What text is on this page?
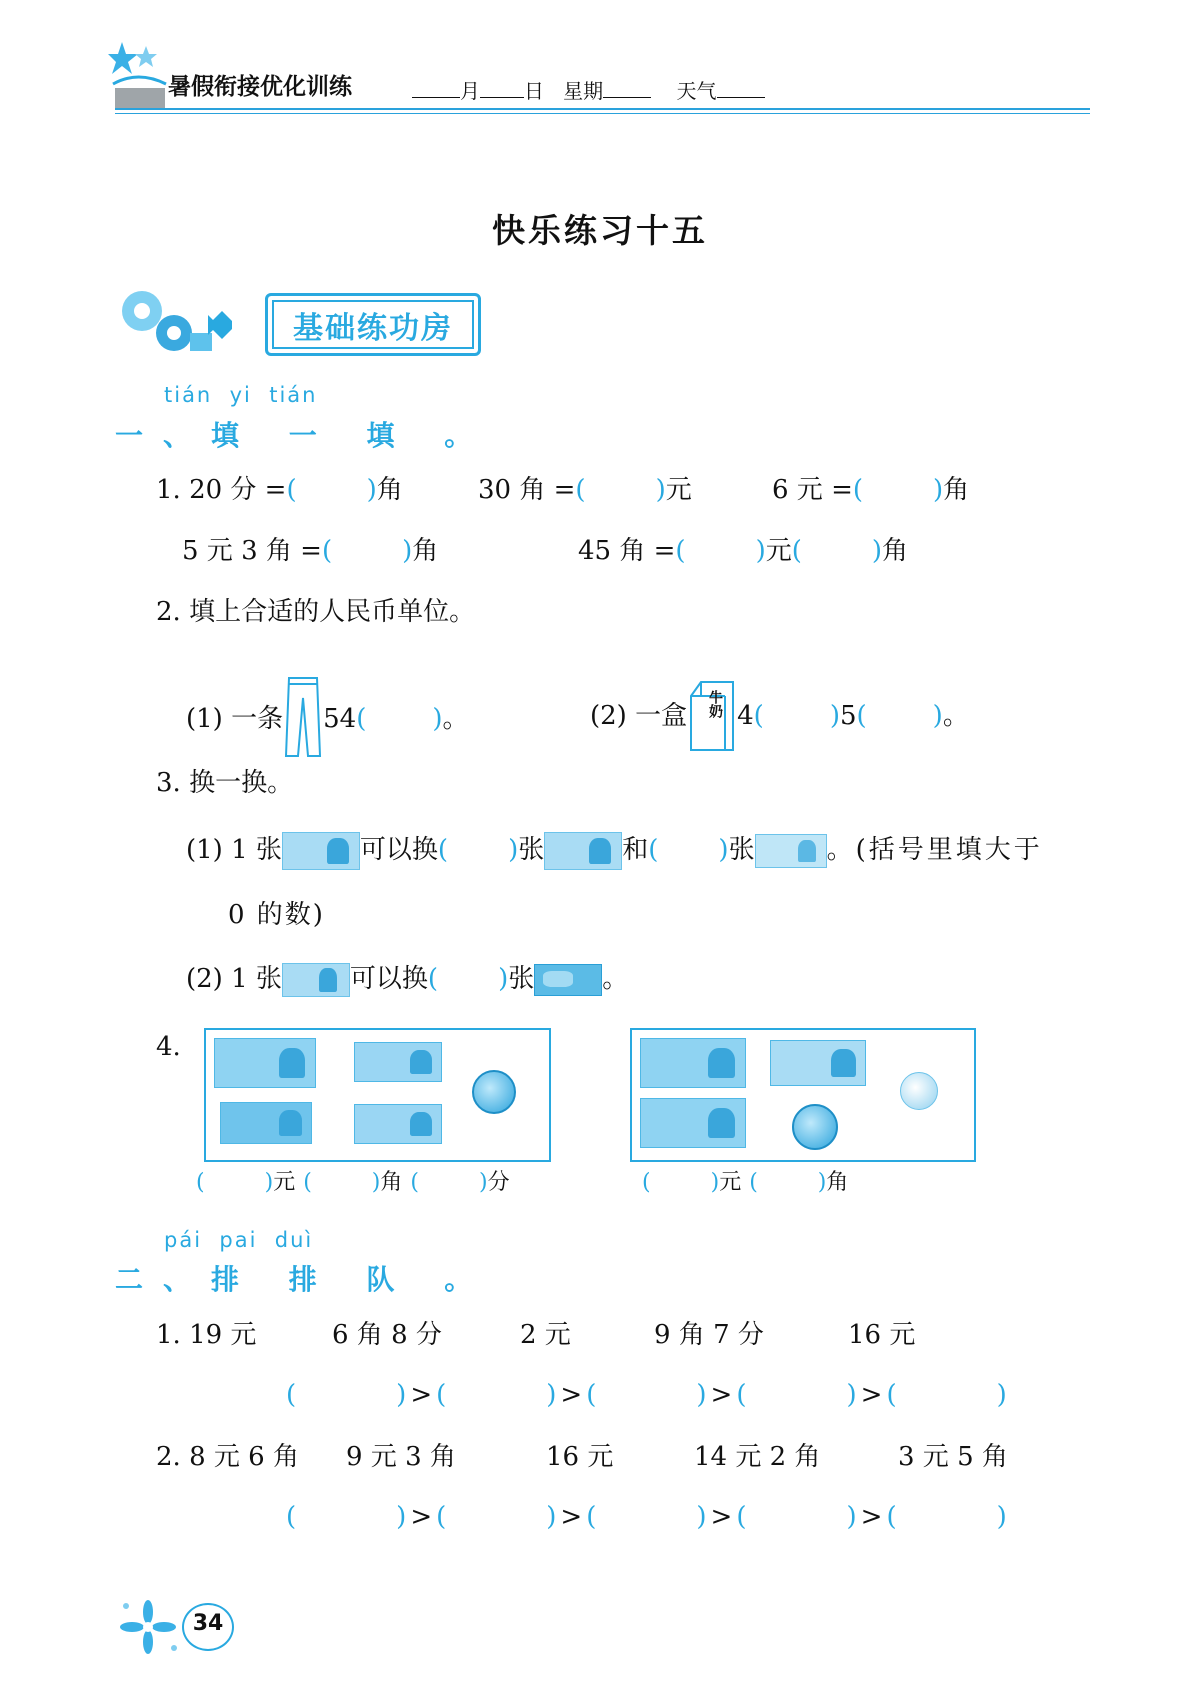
暑假衔接优化训练	月 日 星期	天气
快乐练习十五
基础练功房
tián  yi  tián
一、填 一 填 。
1. 20 分 =(	)角	30 角 =(	)元	6 元 =(	)角
5 元 3 角 =(	)角	45 角 =(	)元(	)角
2. 填上合适的人民币单位。
(1) 一条 54(	)。	(2) 一盒 4(	)5(	)。
牛奶
3. 换一换。
(1) 1 张	可以换( )张	和( )张	。(括号里填大于
0 的数)
(2) 1 张	可以换( )张	。
4.
(	)元 (	)角 (	)分	(	)元 (	)角
pái  pai  duì
二、排 排 队 。
1. 19 元	6 角 8 分	2 元	9 角 7 分	16 元
(	) > (	) > (	) > (	) > (	)
2. 8 元 6 角 9 元 3 角	16 元	14 元 2 角	3 元 5 角
(	) > (	) > (	) > (	) > (	)
34
